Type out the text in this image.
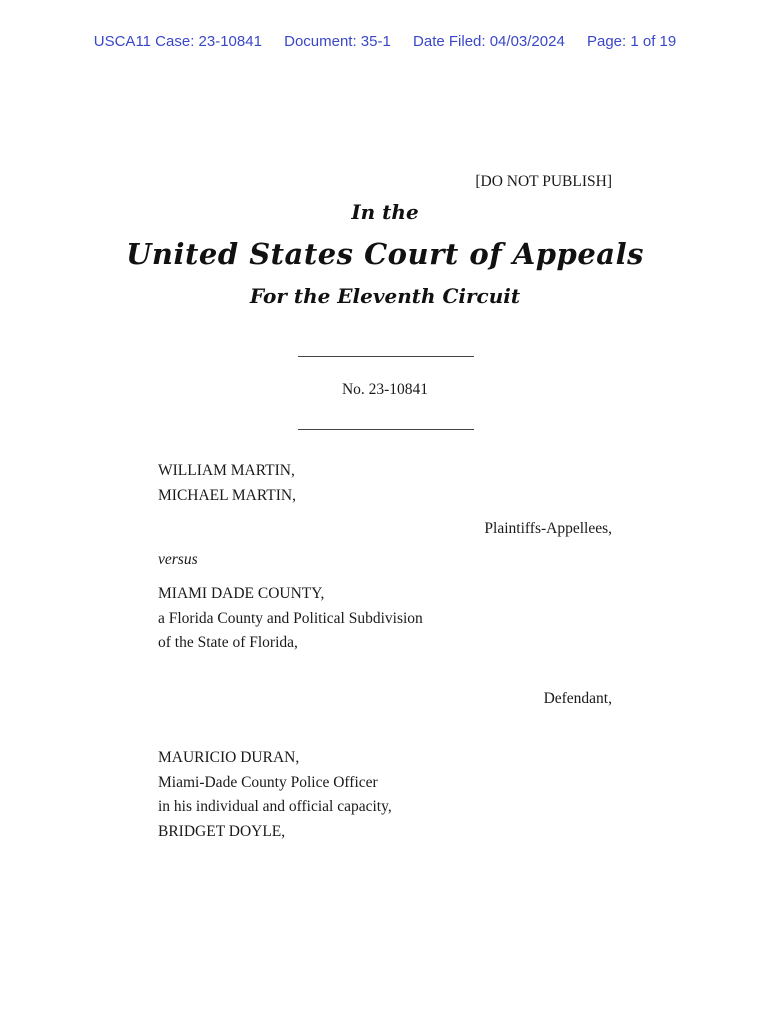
USCA11 Case: 23-10841 Document: 35-1 Date Filed: 04/03/2024 Page: 1 of 19
[DO NOT PUBLISH]
In the
United States Court of Appeals
For the Eleventh Circuit
No. 23-10841
WILLIAM MARTIN,
MICHAEL MARTIN,
Plaintiffs-Appellees,
versus
MIAMI DADE COUNTY,
a Florida County and Political Subdivision
of the State of Florida,
Defendant,
MAURICIO DURAN,
Miami-Dade County Police Officer
in his individual and official capacity,
BRIDGET DOYLE,
